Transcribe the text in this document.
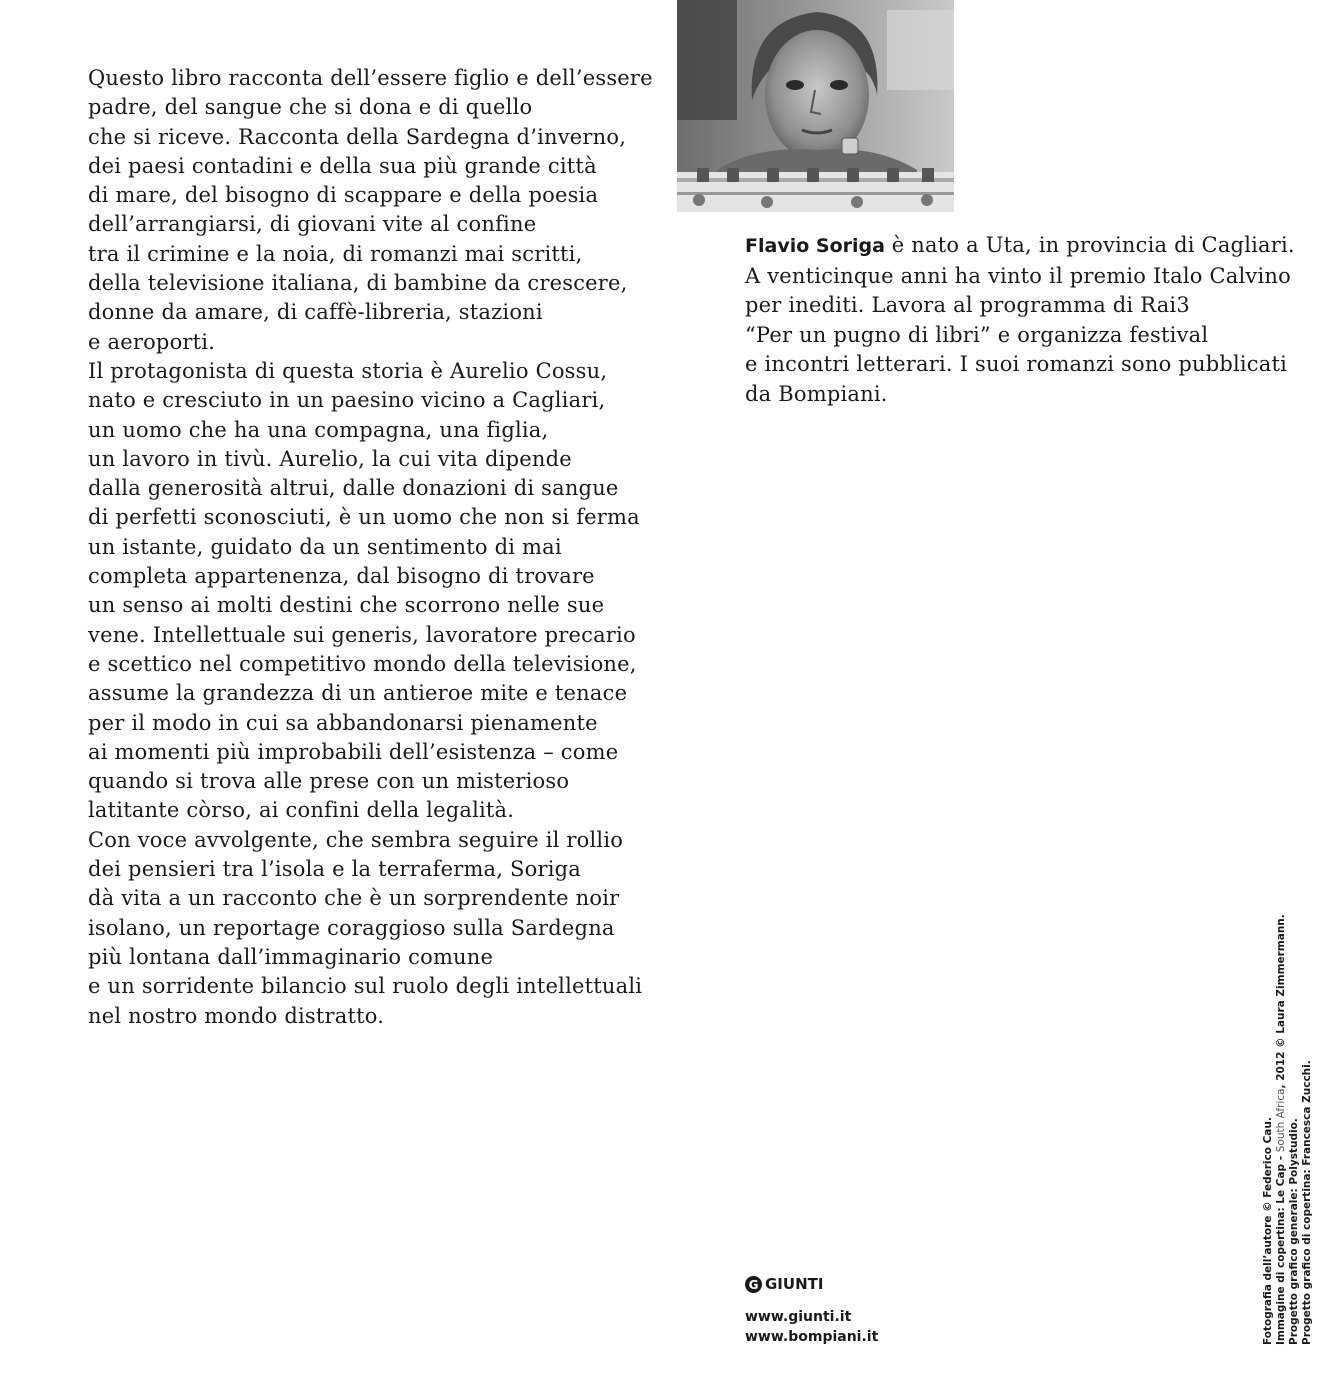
Questo libro racconta dell’essere figlio e dell’essere
padre, del sangue che si dona e di quello
che si riceve. Racconta della Sardegna d’inverno,
dei paesi contadini e della sua più grande città
di mare, del bisogno di scappare e della poesia
dell’arrangiarsi, di giovani vite al confine
tra il crimine e la noia, di romanzi mai scritti,
della televisione italiana, di bambine da crescere,
donne da amare, di caffè-libreria, stazioni
e aeroporti.
Il protagonista di questa storia è Aurelio Cossu,
nato e cresciuto in un paesino vicino a Cagliari,
un uomo che ha una compagna, una figlia,
un lavoro in tivù. Aurelio, la cui vita dipende
dalla generosità altrui, dalle donazioni di sangue
di perfetti sconosciuti, è un uomo che non si ferma
un istante, guidato da un sentimento di mai
completa appartenenza, dal bisogno di trovare
un senso ai molti destini che scorrono nelle sue
vene. Intellettuale sui generis, lavoratore precario
e scettico nel competitivo mondo della televisione,
assume la grandezza di un antieroe mite e tenace
per il modo in cui sa abbandonarsi pienamente
ai momenti più improbabili dell’esistenza – come
quando si trova alle prese con un misterioso
latitante còrso, ai confini della legalità.
Con voce avvolgente, che sembra seguire il rollio
dei pensieri tra l’isola e la terraferma, Soriga
dà vita a un racconto che è un sorprendente noir
isolano, un reportage coraggioso sulla Sardegna
più lontana dall’immaginario comune
e un sorridente bilancio sul ruolo degli intellettuali
nel nostro mondo distratto.
Flavio Soriga è nato a Uta, in provincia di Cagliari.
A venticinque anni ha vinto il premio Italo Calvino
per inediti. Lavora al programma di Rai3
“Per un pugno di libri” e organizza festival
e incontri letterari. I suoi romanzi sono pubblicati
da Bompiani.
G GIUNTI
www.giunti.it
www.bompiani.it	Fotografia dell’autore © Federico Cau. Immagine di copertina: Le Cap - South Africa, 2012 © Laura Zimmermann.
Progetto grafico generale: Polystudio. Progetto grafico di copertina: Francesca Zucchi.
